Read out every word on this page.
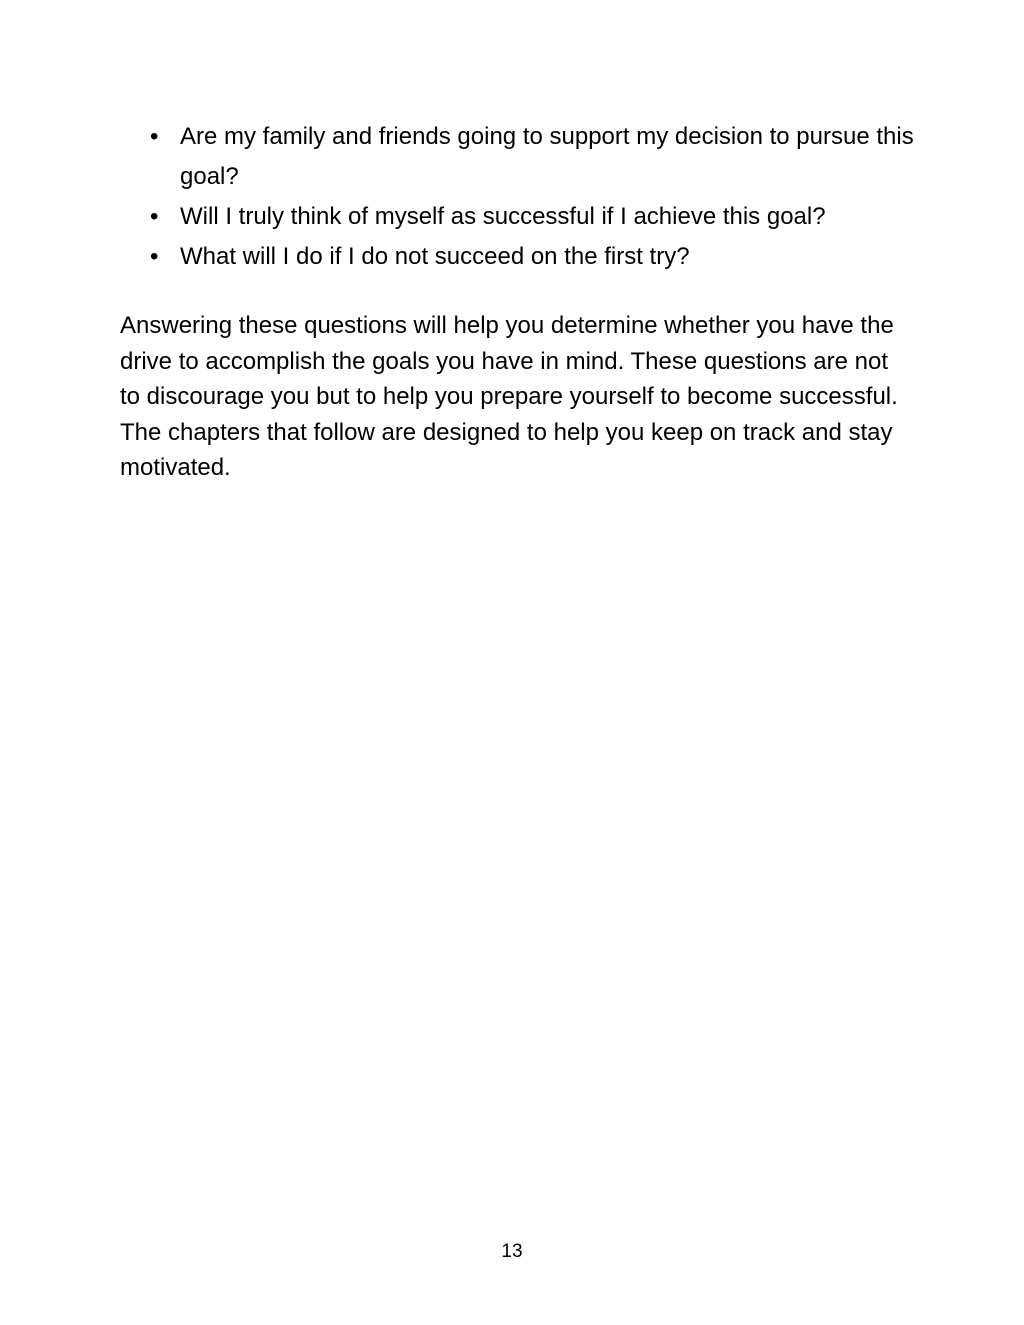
• Are my family and friends going to support my decision to pursue this goal?
• Will I truly think of myself as successful if I achieve this goal?
• What will I do if I do not succeed on the first try?

Answering these questions will help you determine whether you have the drive to accomplish the goals you have in mind. These questions are not to discourage you but to help you prepare yourself to become successful. The chapters that follow are designed to help you keep on track and stay motivated.

13
